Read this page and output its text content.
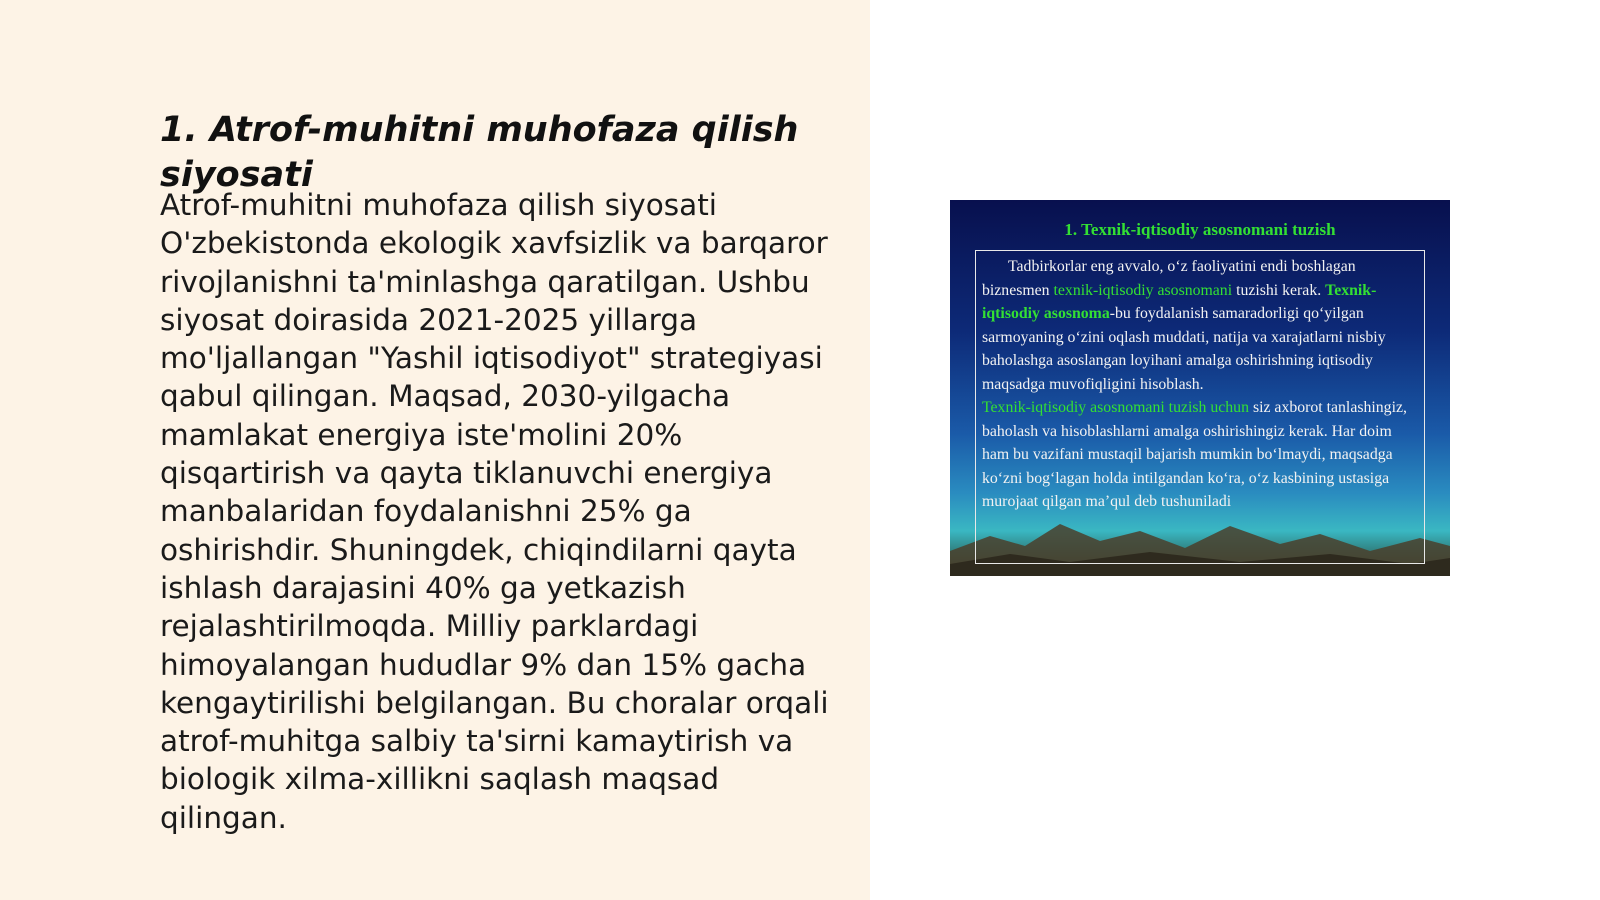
1. Atrof-muhitni muhofaza qilish siyosati

Atrof-muhitni muhofaza qilish siyosati O'zbekistonda ekologik xavfsizlik va barqaror rivojlanishni ta'minlashga qaratilgan. Ushbu siyosat doirasida 2021-2025 yillarga mo'ljallangan "Yashil iqtisodiyot" strategiyasi qabul qilingan. Maqsad, 2030-yilgacha mamlakat energiya iste'molini 20% qisqartirish va qayta tiklanuvchi energiya manbalaridan foydalanishni 25% ga oshirishdir. Shuningdek, chiqindilarni qayta ishlash darajasini 40% ga yetkazish rejalashtirilmoqda. Milliy parklardagi himoyalangan hududlar 9% dan 15% gacha kengaytirilishi belgilangan. Bu choralar orqali atrof-muhitga salbiy ta'sirni kamaytirish va biologik xilma-xillikni saqlash maqsad qilingan.

1. Texnik-iqtisodiy asosnomani tuzish

Tadbirkorlar eng avvalo, o‘z faoliyatini endi boshlagan biznesmen texnik-iqtisodiy asosnomani tuzishi kerak. Texnik-iqtisodiy asosnoma-bu foydalanish samaradorligi qo‘yilgan sarmoyaning o‘zini oqlash muddati, natija va xarajatlarni nisbiy baholashga asoslangan loyihani amalga oshirishning iqtisodiy maqsadga muvofiqligini hisoblash.

Texnik-iqtisodiy asosnomani tuzish uchun siz axborot tanlashingiz, baholash va hisoblashlarni amalga oshirishingiz kerak. Har doim ham bu vazifani mustaqil bajarish mumkin bo‘lmaydi, maqsadga ko‘zni bog‘lagan holda intilgandan ko‘ra, o‘z kasbining ustasiga murojaat qilgan ma’qul deb tushuniladi
